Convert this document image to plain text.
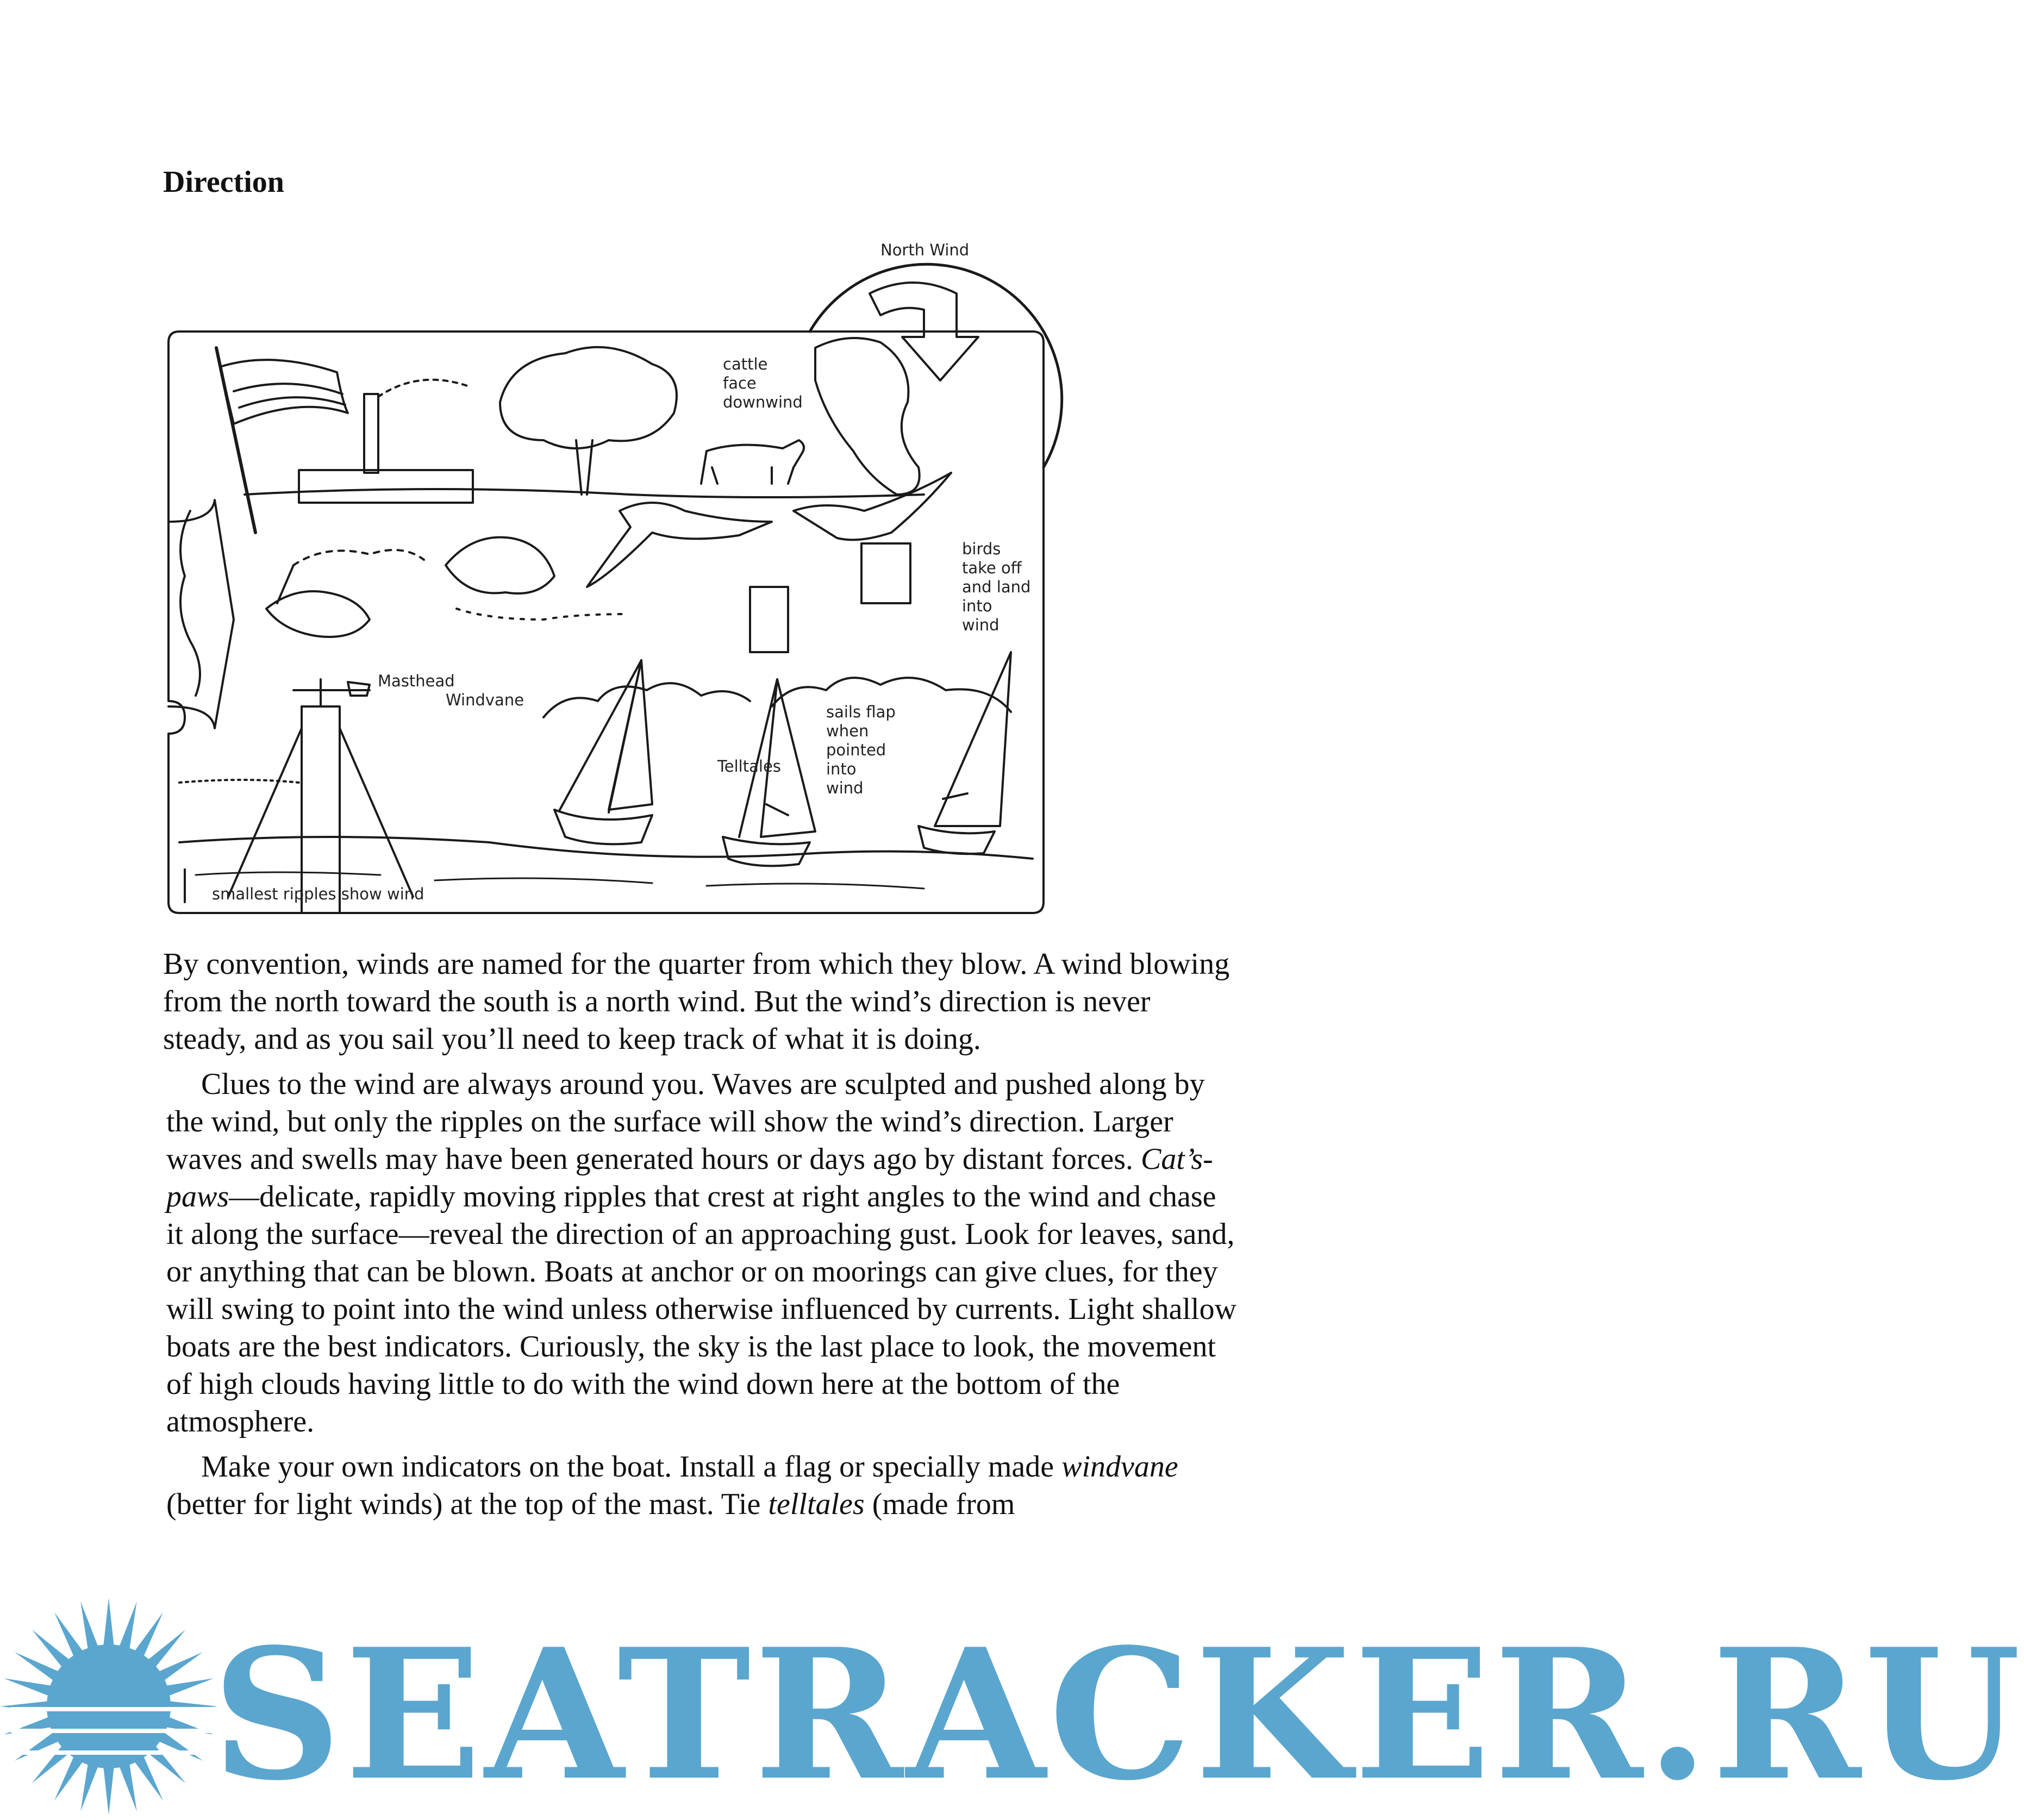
Direction
North Wind
cattle
face
downwind
birds
take off
and land
into
wind
Masthead
Windvane
Telltales
sails flap
when
pointed
into
wind
smallest ripples show wind

By convention, winds are named for the quarter from which they blow. A wind blowing from the north toward the south is a north wind. But the wind’s direction is never steady, and as you sail you’ll need to keep track of what it is doing.

Clues to the wind are always around you. Waves are sculpted and pushed along by the wind, but only the ripples on the surface will show the wind’s direction. Larger waves and swells may have been generated hours or days ago by distant forces. Cat’s-paws—delicate, rapidly moving ripples that crest at right angles to the wind and chase it along the surface—reveal the direction of an approaching gust. Look for leaves, sand, or anything that can be blown. Boats at anchor or on moorings can give clues, for they will swing to point into the wind unless otherwise influenced by currents. Light shallow boats are the best indicators. Curiously, the sky is the last place to look, the movement of high clouds having little to do with the wind down here at the bottom of the atmosphere.

Make your own indicators on the boat. Install a flag or specially made windvane (better for light winds) at the top of the mast. Tie telltales (made from

SEATRACKER.RU
